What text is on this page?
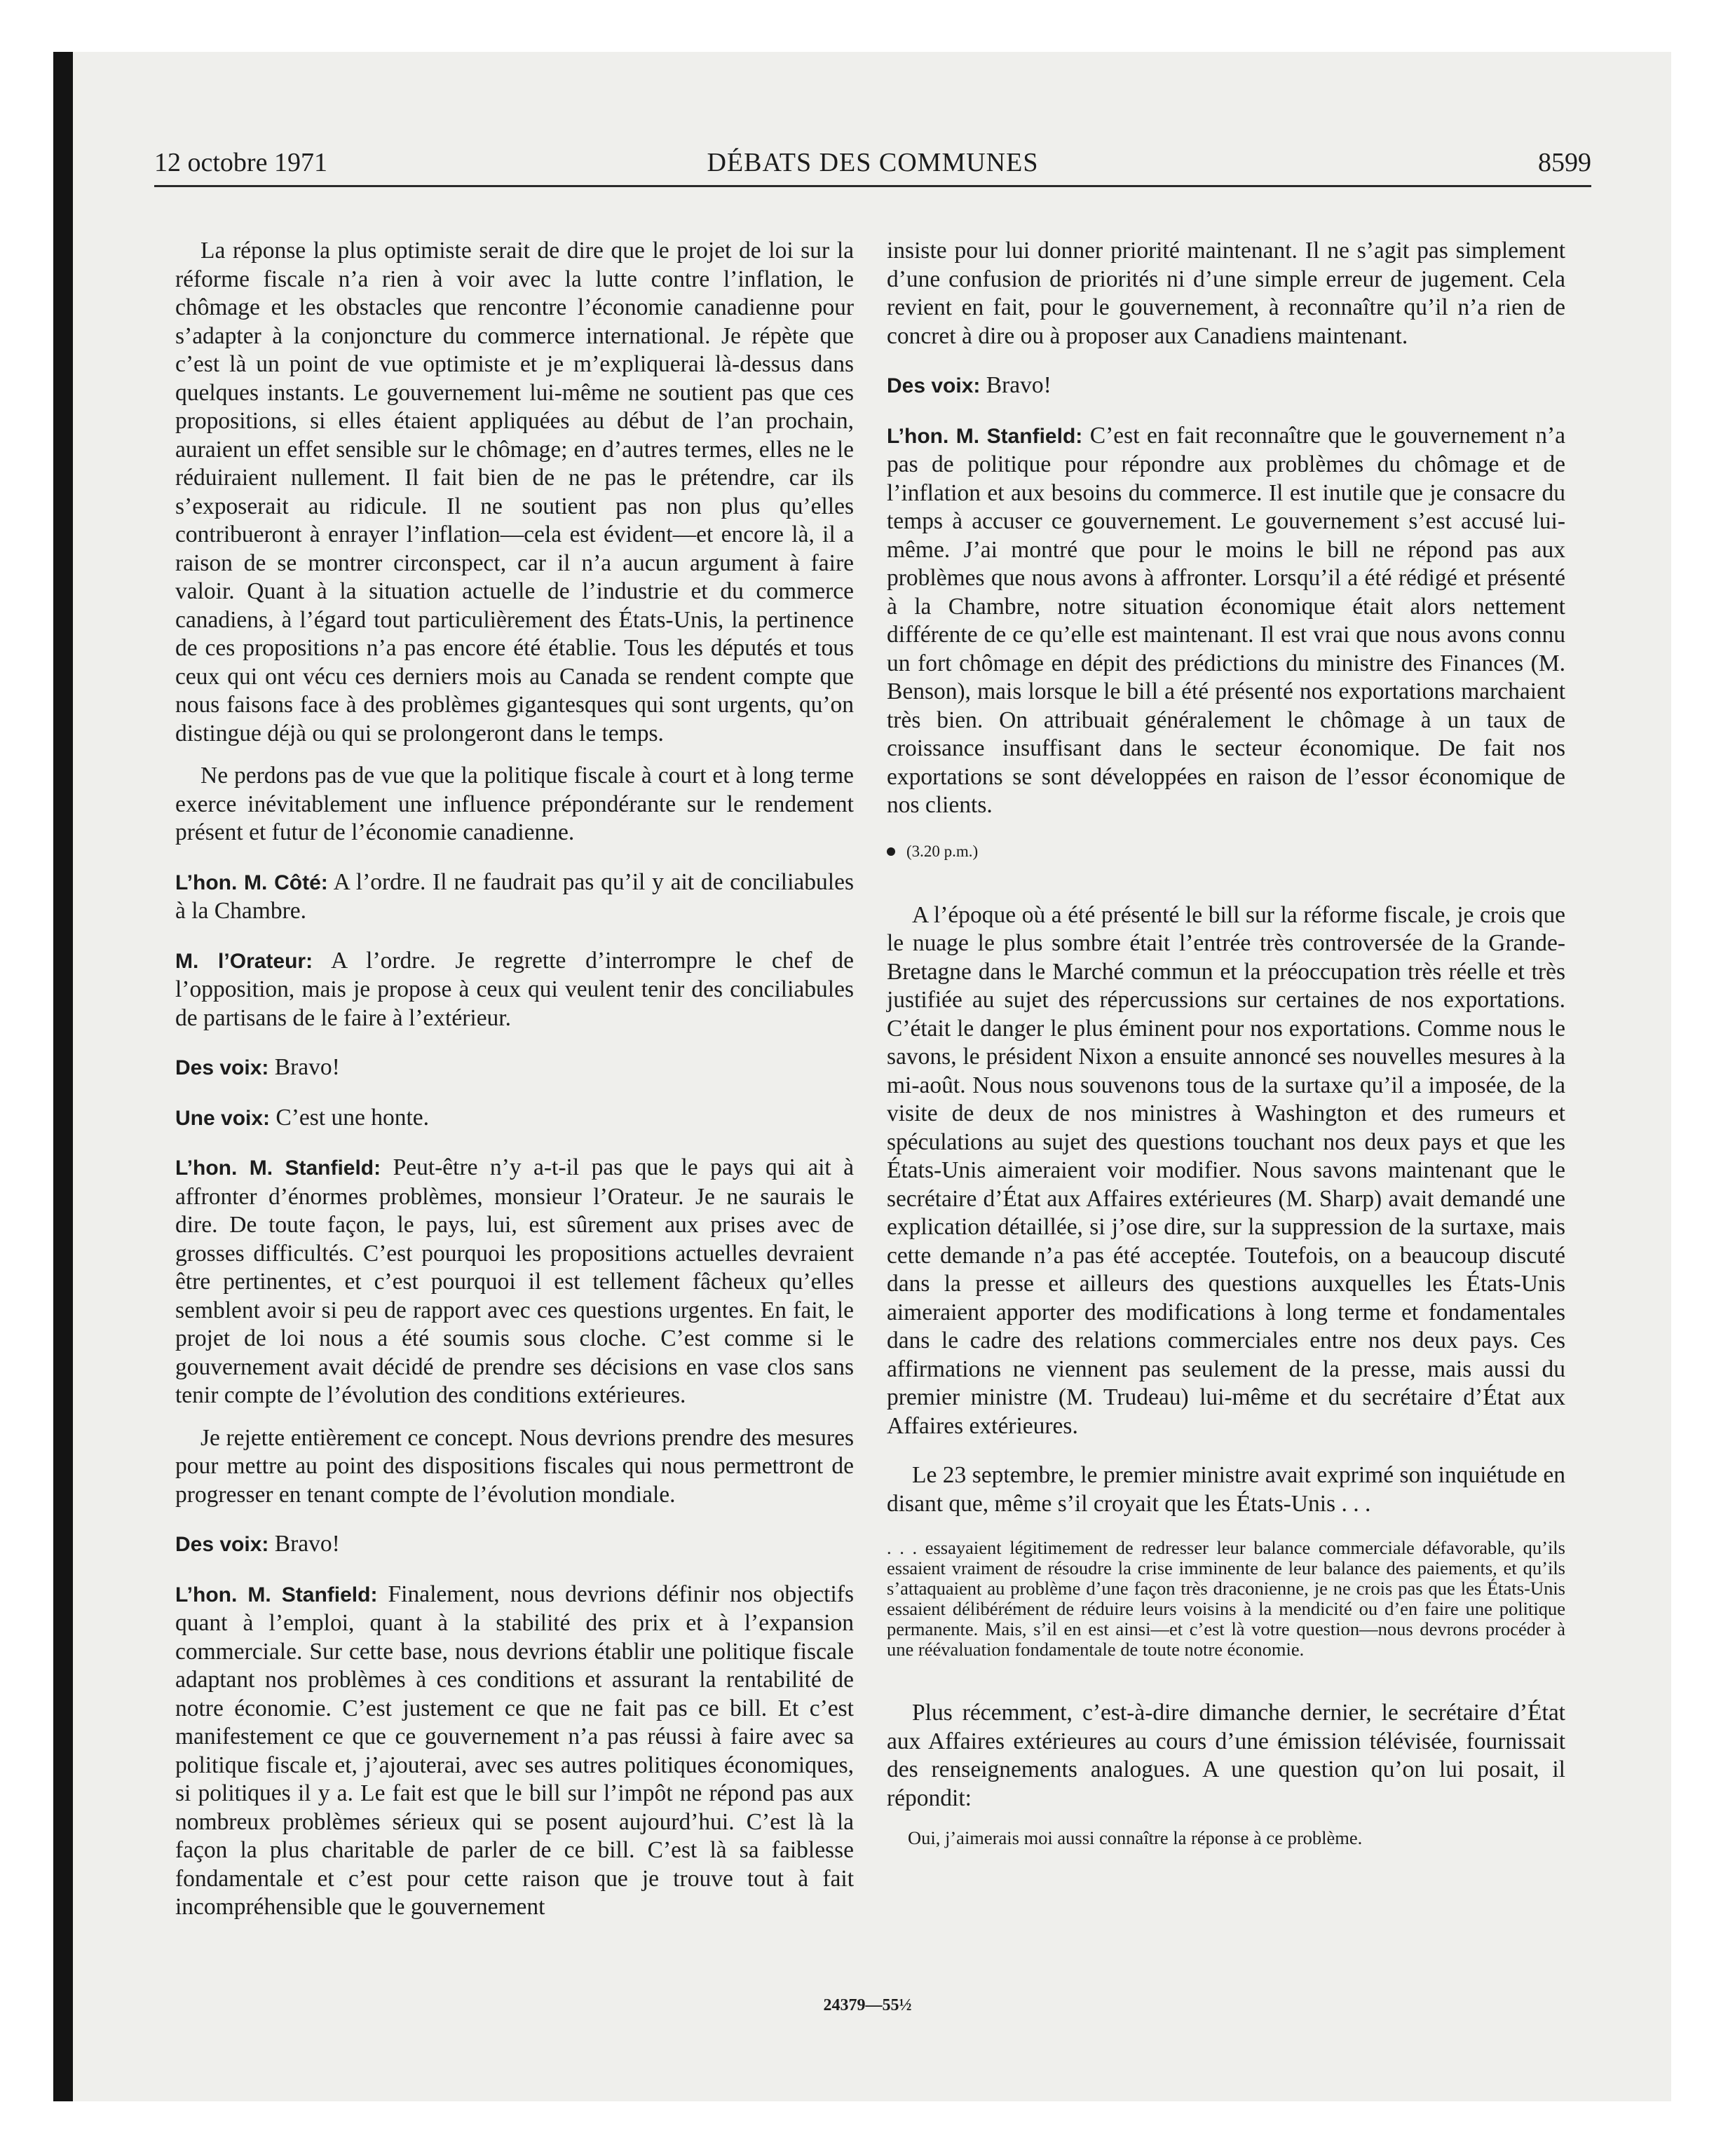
12 octobre 1971	DÉBATS DES COMMUNES	8599

La réponse la plus optimiste serait de dire que le projet de loi sur la réforme fiscale n’a rien à voir avec la lutte contre l’inflation, le chômage et les obstacles que rencontre l’économie canadienne pour s’adapter à la conjoncture du commerce international. Je répète que c’est là un point de vue optimiste et je m’expliquerai là-dessus dans quelques instants. Le gouvernement lui-même ne soutient pas que ces propositions, si elles étaient appliquées au début de l’an prochain, auraient un effet sensible sur le chômage; en d’autres termes, elles ne le réduiraient nullement. Il fait bien de ne pas le prétendre, car ils s’exposerait au ridicule. Il ne soutient pas non plus qu’elles contribueront à enrayer l’inflation—cela est évident—et encore là, il a raison de se montrer circonspect, car il n’a aucun argument à faire valoir. Quant à la situation actuelle de l’industrie et du commerce canadiens, à l’égard tout particulièrement des États-Unis, la pertinence de ces propositions n’a pas encore été établie. Tous les députés et tous ceux qui ont vécu ces derniers mois au Canada se rendent compte que nous faisons face à des problèmes gigantesques qui sont urgents, qu’on distingue déjà ou qui se prolongeront dans le temps.

Ne perdons pas de vue que la politique fiscale à court et à long terme exerce inévitablement une influence prépondérante sur le rendement présent et futur de l’économie canadienne.

L’hon. M. Côté: A l’ordre. Il ne faudrait pas qu’il y ait de conciliabules à la Chambre.

M. l’Orateur: A l’ordre. Je regrette d’interrompre le chef de l’opposition, mais je propose à ceux qui veulent tenir des conciliabules de partisans de le faire à l’extérieur.

Des voix: Bravo!

Une voix: C’est une honte.

L’hon. M. Stanfield: Peut-être n’y a-t-il pas que le pays qui ait à affronter d’énormes problèmes, monsieur l’Orateur. Je ne saurais le dire. De toute façon, le pays, lui, est sûrement aux prises avec de grosses difficultés. C’est pourquoi les propositions actuelles devraient être pertinentes, et c’est pourquoi il est tellement fâcheux qu’elles semblent avoir si peu de rapport avec ces questions urgentes. En fait, le projet de loi nous a été soumis sous cloche. C’est comme si le gouvernement avait décidé de prendre ses décisions en vase clos sans tenir compte de l’évolution des conditions extérieures.

Je rejette entièrement ce concept. Nous devrions prendre des mesures pour mettre au point des dispositions fiscales qui nous permettront de progresser en tenant compte de l’évolution mondiale.

Des voix: Bravo!

L’hon. M. Stanfield: Finalement, nous devrions définir nos objectifs quant à l’emploi, quant à la stabilité des prix et à l’expansion commerciale. Sur cette base, nous devrions établir une politique fiscale adaptant nos problèmes à ces conditions et assurant la rentabilité de notre économie. C’est justement ce que ne fait pas ce bill. Et c’est manifestement ce que ce gouvernement n’a pas réussi à faire avec sa politique fiscale et, j’ajouterai, avec ses autres politiques économiques, si politiques il y a. Le fait est que le bill sur l’impôt ne répond pas aux nombreux problèmes sérieux qui se posent aujourd’hui. C’est là la façon la plus charitable de parler de ce bill. C’est là sa faiblesse fondamentale et c’est pour cette raison que je trouve tout à fait incompréhensible que le gouvernement

insiste pour lui donner priorité maintenant. Il ne s’agit pas simplement d’une confusion de priorités ni d’une simple erreur de jugement. Cela revient en fait, pour le gouvernement, à reconnaître qu’il n’a rien de concret à dire ou à proposer aux Canadiens maintenant.

Des voix: Bravo!

L’hon. M. Stanfield: C’est en fait reconnaître que le gouvernement n’a pas de politique pour répondre aux problèmes du chômage et de l’inflation et aux besoins du commerce. Il est inutile que je consacre du temps à accuser ce gouvernement. Le gouvernement s’est accusé lui-même. J’ai montré que pour le moins le bill ne répond pas aux problèmes que nous avons à affronter. Lorsqu’il a été rédigé et présenté à la Chambre, notre situation économique était alors nettement différente de ce qu’elle est maintenant. Il est vrai que nous avons connu un fort chômage en dépit des prédictions du ministre des Finances (M. Benson), mais lorsque le bill a été présenté nos exportations marchaient très bien. On attribuait généralement le chômage à un taux de croissance insuffisant dans le secteur économique. De fait nos exportations se sont développées en raison de l’essor économique de nos clients.

(3.20 p.m.)

A l’époque où a été présenté le bill sur la réforme fiscale, je crois que le nuage le plus sombre était l’entrée très controversée de la Grande-Bretagne dans le Marché commun et la préoccupation très réelle et très justifiée au sujet des répercussions sur certaines de nos exportations. C’était le danger le plus éminent pour nos exportations. Comme nous le savons, le président Nixon a ensuite annoncé ses nouvelles mesures à la mi-août. Nous nous souvenons tous de la surtaxe qu’il a imposée, de la visite de deux de nos ministres à Washington et des rumeurs et spéculations au sujet des questions touchant nos deux pays et que les États-Unis aimeraient voir modifier. Nous savons maintenant que le secrétaire d’État aux Affaires extérieures (M. Sharp) avait demandé une explication détaillée, si j’ose dire, sur la suppression de la surtaxe, mais cette demande n’a pas été acceptée. Toutefois, on a beaucoup discuté dans la presse et ailleurs des questions auxquelles les États-Unis aimeraient apporter des modifications à long terme et fondamentales dans le cadre des relations commerciales entre nos deux pays. Ces affirmations ne viennent pas seulement de la presse, mais aussi du premier ministre (M. Trudeau) lui-même et du secrétaire d’État aux Affaires extérieures.

Le 23 septembre, le premier ministre avait exprimé son inquiétude en disant que, même s’il croyait que les États-Unis . . .

. . . essayaient légitimement de redresser leur balance commerciale défavorable, qu’ils essaient vraiment de résoudre la crise imminente de leur balance des paiements, et qu’ils s’attaquaient au problème d’une façon très draconienne, je ne crois pas que les États-Unis essaient délibérément de réduire leurs voisins à la mendicité ou d’en faire une politique permanente. Mais, s’il en est ainsi—et c’est là votre question—nous devrons procéder à une réévaluation fondamentale de toute notre économie.

Plus récemment, c’est-à-dire dimanche dernier, le secrétaire d’État aux Affaires extérieures au cours d’une émission télévisée, fournissait des renseignements analogues. A une question qu’on lui posait, il répondit:

Oui, j’aimerais moi aussi connaître la réponse à ce problème.
24379—55½
